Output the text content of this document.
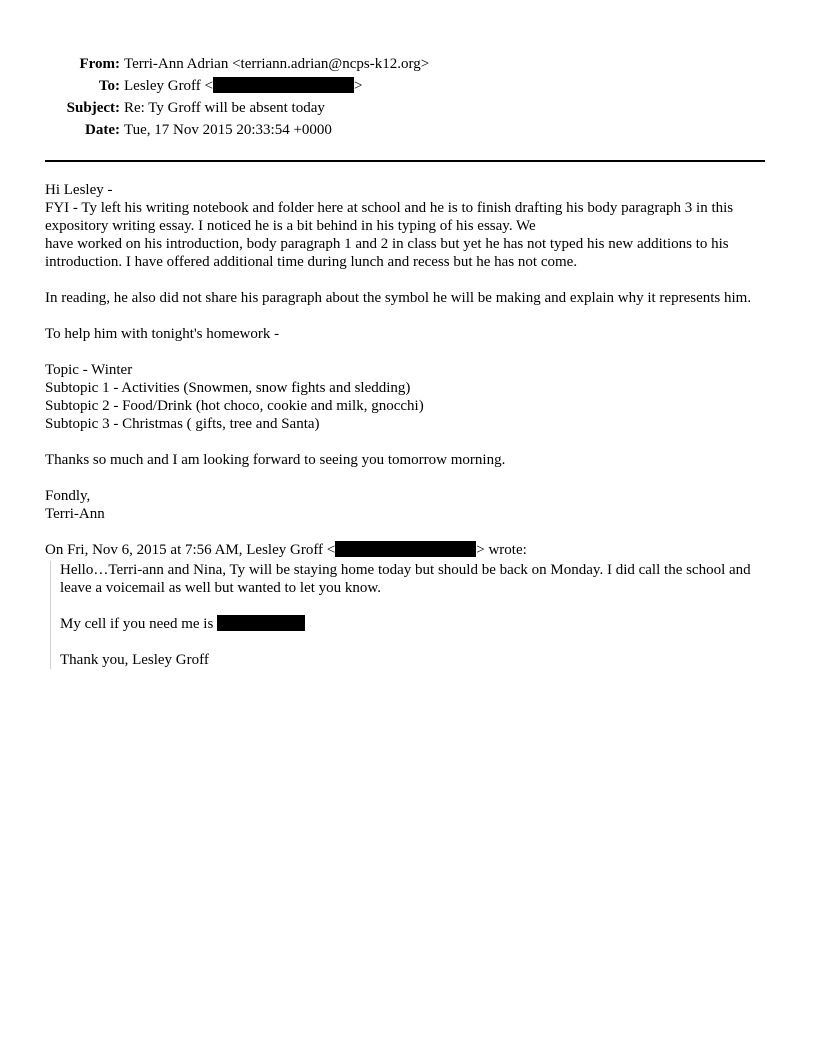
From: Terri-Ann Adrian <terriann.adrian@ncps-k12.org>
To: Lesley Groff <	>
Subject: Re: Ty Groff will be absent today
Date: Tue, 17 Nov 2015 20:33:54 +0000

Hi Lesley -

FYI - Ty left his writing notebook and folder here at school and he is to finish drafting his body paragraph 3 in this expository writing essay. I noticed he is a bit behind in his typing of his essay. We

have worked on his introduction, body paragraph 1 and 2 in class but yet he has not typed his new additions to his introduction. I have offered additional time during lunch and recess but he has not come.

In reading, he also did not share his paragraph about the symbol he will be making and explain why it represents him.

To help him with tonight's homework -

Topic - Winter

Subtopic 1 - Activities (Snowmen, snow fights and sledding)

Subtopic 2 - Food/Drink (hot choco, cookie and milk, gnocchi)

Subtopic 3 - Christmas ( gifts, tree and Santa)

Thanks so much and I am looking forward to seeing you tomorrow morning.

Fondly,

Terri-Ann

On Fri, Nov 6, 2015 at 7:56 AM, Lesley Groff <	> wrote:

Hello…Terri-ann and Nina, Ty will be staying home today but should be back on Monday. I did call the school and leave a voicemail as well but wanted to let you know.

My cell if you need me is

Thank you, Lesley Groff
